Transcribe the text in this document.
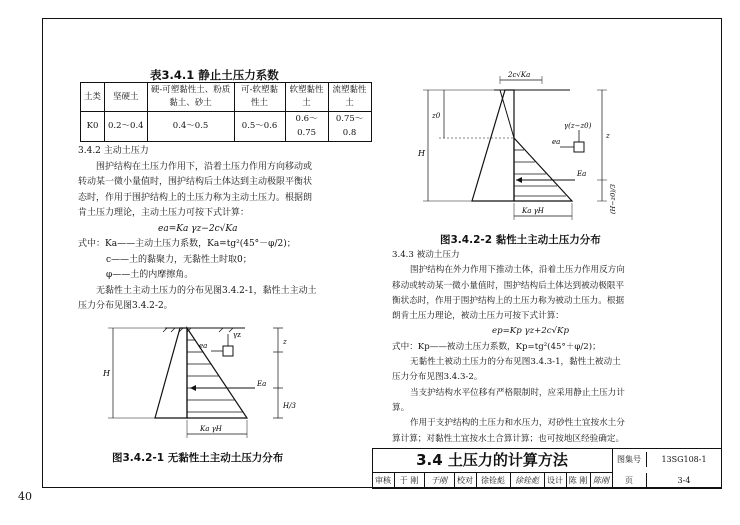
40
表3.4.1 静止土压力系数
土类	坚硬土	硬-可塑黏性土、粉质黏土、砂土	可-软塑黏性土	软塑黏性土	流塑黏性土
K0	0.2～0.4	0.4～0.5	0.5～0.6	0.6～0.75	0.75～0.8
3.4.2 主动土压力
围护结构在土压力作用下，沿着土压力作用方向移动或
转动某一微小量值时，围护结构后土体达到主动极限平衡状
态时，作用于围护结构上的土压力称为主动土压力。根据朗
肯土压力理论，主动土压力可按下式计算：
ea=Ka γz−2c√Ka
式中：Ka——主动土压力系数，Ka=tg²(45°－φ/2)；
c——土的黏聚力，无黏性土时取0；
φ——土的内摩擦角。
无黏性土主动土压力的分布见图3.4.2-1，黏性土主动土
压力分布见图3.4.2-2。
γz
ea
Ea
z
H/3
H
Ka γH
图3.4.2-1 无黏性土主动土压力分布
2c√Ka
γ(z−z0)
ea
Ea
z
(H−z0)/3
z0
H
Ka γH
图3.4.2-2 黏性土主动土压力分布
3.4.3 被动土压力
围护结构在外力作用下推动土体，沿着土压力作用反方向
移动或转动某一微小量值时，围护结构后土体达到被动极限平
衡状态时，作用于围护结构上的土压力称为被动土压力。根据
朗肯土压力理论，被动土压力可按下式计算：
ep=Kp γz+2c√Kp
式中：Kp——被动土压力系数，Kp=tg²(45°＋φ/2)；
无黏性土被动土压力的分布见图3.4.3-1，黏性土被动土
压力分布见图3.4.3-2。
当支护结构水平位移有严格限制时，应采用静止土压力计
算。
作用于支护结构的土压力和水压力，对砂性土宜按水土分
算计算；对黏性土宜按水土合算计算；也可按地区经验确定。
3.4 土压力的计算方法	图集号	13SG108-1
审核	于 刚	于刚	校对	徐铨彪	徐铨彪	设计 陈 刚 陈刚	页	3-4
